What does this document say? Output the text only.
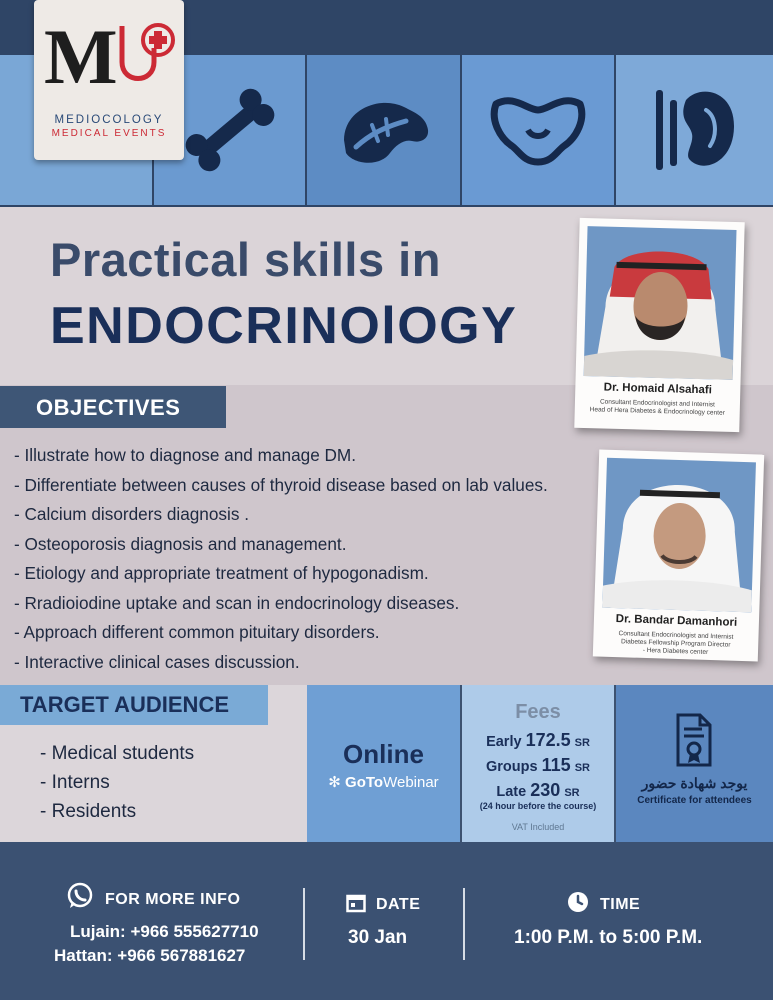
M
MEDIOCOLOGY
MEDICAL EVENTS
Practical skills in
ENDOCRINOlOGY
OBJECTIVES
- Illustrate how to diagnose and manage DM.
- Differentiate between causes of thyroid disease based on lab values.
- Calcium disorders diagnosis .
- Osteoporosis diagnosis and management.
- Etiology and appropriate treatment of hypogonadism.
- Rradioiodine uptake and scan in endocrinology diseases.
- Approach different common pituitary disorders.
- Interactive clinical cases discussion.
Dr. Homaid Alsahafi
Consultant Endocrinologist and Internist
Head of Hera Diabetes & Endocrinology center
Dr. Bandar Damanhori
Consultant Endocrinologist and Internist
Diabetes Fellowship Program Director
- Hera Diabetes center
TARGET AUDIENCE
- Medical students
- Interns
- Residents
Online
✻ GoToWebinar
Fees
Early 172.5 SR
Groups 115 SR
Late 230 SR
(24 hour before the course)
VAT Included
يوجد شهادة حضور
Certificate for attendees
FOR MORE INFO
Lujain: +966 555627710
Hattan: +966 567881627
DATE
30 Jan
TIME
1:00 P.M. to 5:00 P.M.
